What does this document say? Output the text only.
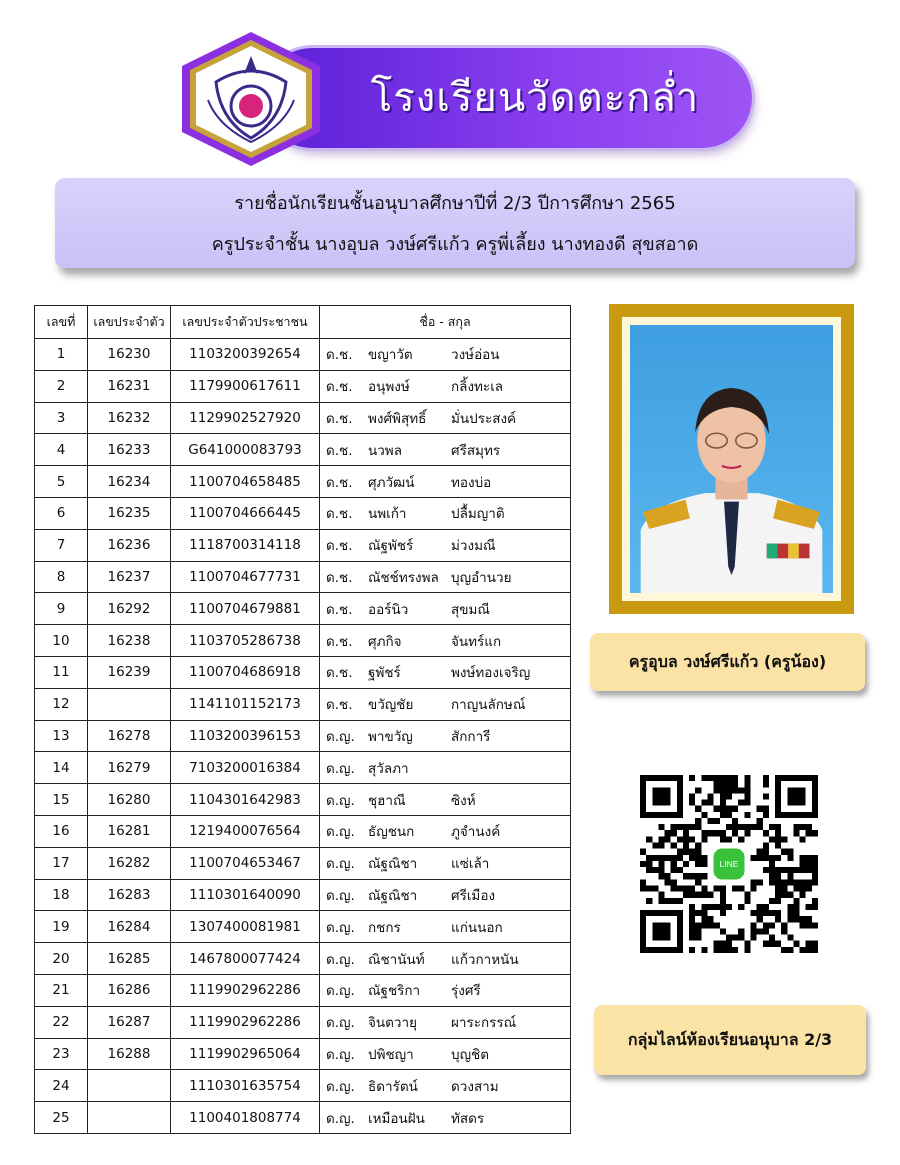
โรงเรียนวัดตะกล่ำ
รายชื่อนักเรียนชั้นอนุบาลศึกษาปีที่ 2/3 ปีการศึกษา 2565
ครูประจำชั้น นางอุบล วงษ์ศรีแก้ว ครูพี่เลี้ยง นางทองดี สุขสอาด
เลขที่	เลขประจำตัว	เลขประจำตัวประชาชน	ชื่อ - สกุล
1	16230	1103200392654	ด.ช. ขญาวัต วงษ์อ่อน

2	16231	1179900617611	ด.ช. อนุพงษ์ กลิ้งทะเล

3	16232	1129902527920	ด.ช. พงศ์พิสุทธิ์ มั่นประสงค์

4	16233	G641000083793	ด.ช. นวพล ศรีสมุทร

5	16234	1100704658485	ด.ช. ศุภวัฒน์ ทองบ่อ

6	16235	1100704666445	ด.ช. นพเก้า ปลื้มญาติ

7	16236	1118700314118	ด.ช. ณัฐพัชร์ ม่วงมณี

8	16237	1100704677731	ด.ช. ณัชช์ทรงพล บุญอำนวย

9	16292	1100704679881	ด.ช. ออร์นิว สุขมณี

10	16238	1103705286738	ด.ช. ศุภกิจ จันทร์แก

11	16239	1100704686918	ด.ช. ฐพัชร์ พงษ์ทองเจริญ

12		1141101152173	ด.ช. ขวัญชัย กาญนลักษณ์

13	16278	1103200396153	ด.ญ. พาขวัญ สักการี

14	16279	7103200016384	ด.ญ. สุวัลภา

15	16280	1104301642983	ด.ญ. ชุฮาณี ซิงห์

16	16281	1219400076564	ด.ญ. ธัญชนก ภูจำนงค์

17	16282	1100704653467	ด.ญ. ณัฐณิชา แซ่เล้า

18	16283	1110301640090	ด.ญ. ณัฐณิชา ศรีเมือง

19	16284	1307400081981	ด.ญ. กชกร แก่นนอก

20	16285	1467800077424	ด.ญ. ณิชานันท์ แก้วกาหนัน

21	16286	1119902962286	ด.ญ. ณัฐชริกา รุ่งศรี

22	16287	1119902962286	ด.ญ. จินตวายุ ผาระกรรณ์

23	16288	1119902965064	ด.ญ. ปพิชญา บุญชิต

24		1110301635754	ด.ญ. ธิดารัตน์ ดวงสาม

25		1100401808774	ด.ญ. เหมือนฝัน ทัสดร
ครูอุบล วงษ์ศรีแก้ว (ครูน้อง)
LINE
กลุ่มไลน์ห้องเรียนอนุบาล 2/3
